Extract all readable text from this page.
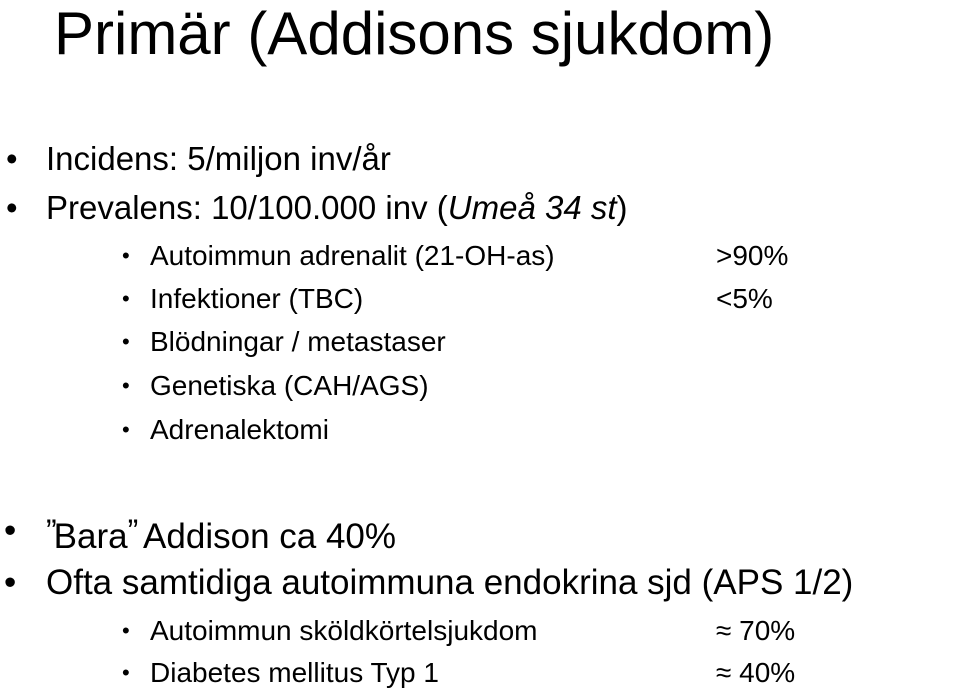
Primär (Addisons sjukdom)
• Incidens: 5/miljon inv/år
• Prevalens: 10/100.000 inv (Umeå 34 st)
• Autoimmun adrenalit (21-OH-as)	>90%
• Infektioner (TBC)	<5%
• Blödningar / metastaser
• Genetiska (CAH/AGS)
• Adrenalektomi
• ”Bara” Addison ca 40%
• Ofta samtidiga autoimmuna endokrina sjd (APS 1/2)
• Autoimmun sköldkörtelsjukdom	≈ 70%
• Diabetes mellitus Typ 1	≈ 40%
